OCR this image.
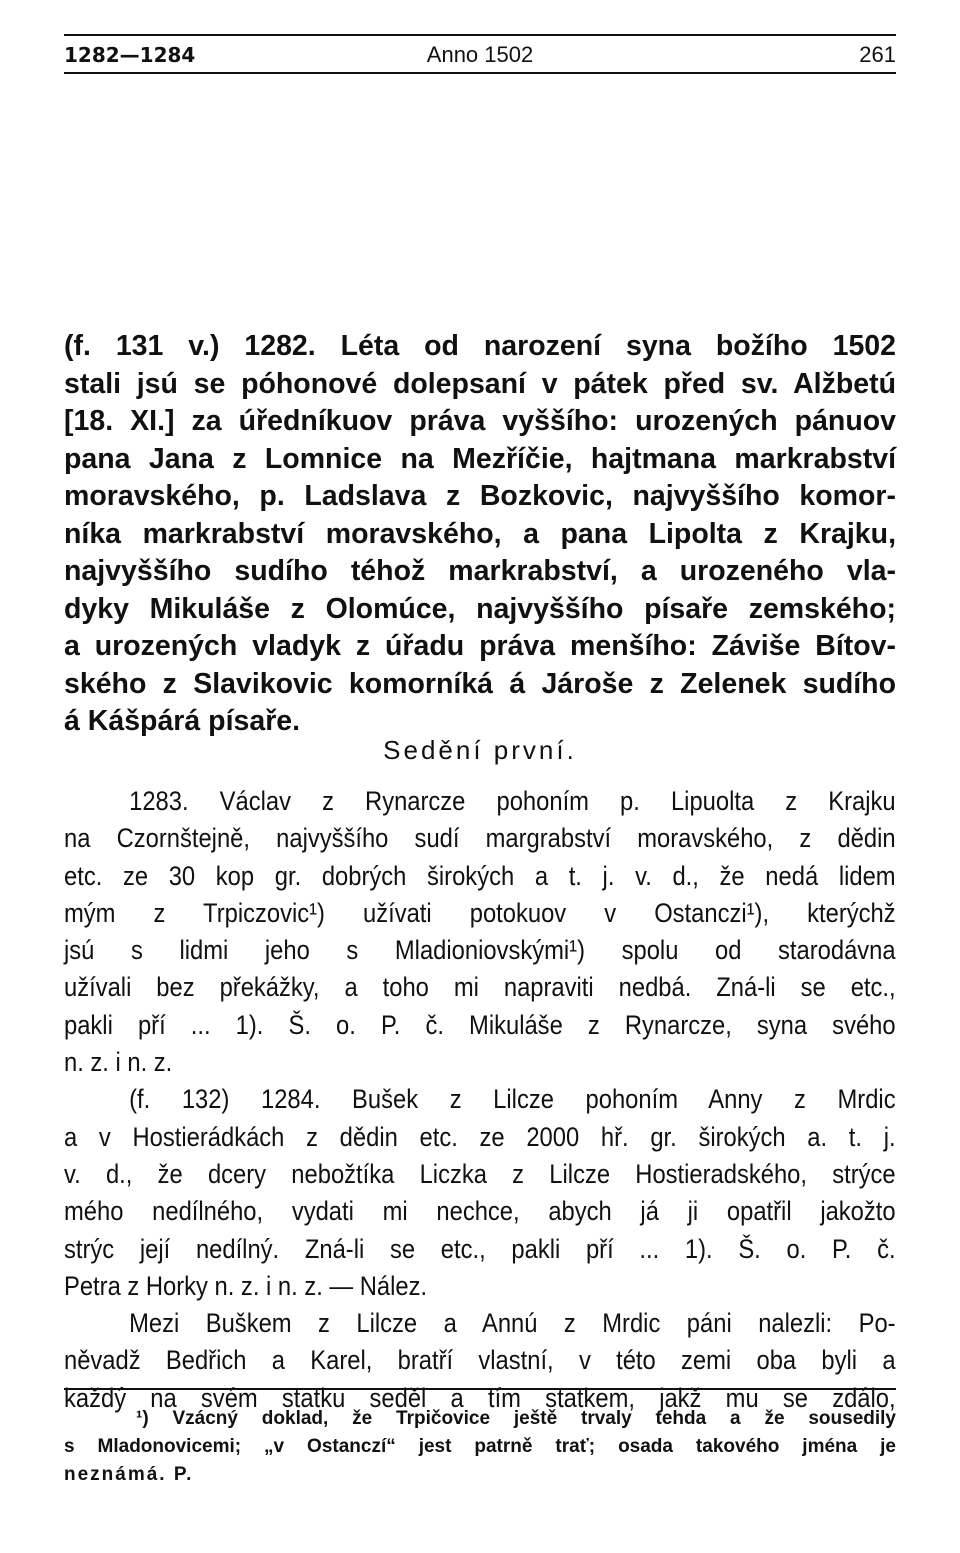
1282—1284	Anno 1502	261
(f. 131 v.) 1282. Léta od narození syna božího 1502
stali jsú se póhonové dolepsaní v pátek před sv. Alžbetú
[18. XI.] za úředníkuov práva vyššího: urozených pánuov
pana Jana z Lomnice na Mezříčie, hajtmana markrabství
moravského, p. Ladslava z Bozkovic, najvyššího komor-
níka markrabství moravského, a pana Lipolta z Krajku,
najvyššího sudího téhož markrabství, a urozeného vla-
dyky Mikuláše z Olomúce, najvyššího písaře zemského;
a urozených vladyk z úřadu práva menšího: Záviše Bítov-
ského z Slavikovic komorníká á Jároše z Zelenek sudího
á Kášpárá písaře.
Sedění první.
1283. Václav z Rynarcze pohoním p. Lipuolta z Krajku
na Czornštejně, najvyššího sudí margrabství moravského, z dědin
etc. ze 30 kop gr. dobrých širokých a t. j. v. d., že nedá lidem
mým z Trpiczovic¹) užívati potokuov v Ostanczi¹), kterýchž
jsú s lidmi jeho s Mladioniovskými¹) spolu od starodávna
užívali bez překážky, a toho mi napraviti nedbá. Zná-li se etc.,
pakli pří ... 1). Š. o. P. č. Mikuláše z Rynarcze, syna svého
n. z. i n. z.
(f. 132) 1284. Bušek z Lilcze pohoním Anny z Mrdic
a v Hostierádkách z dědin etc. ze 2000 hř. gr. širokých a. t. j.
v. d., že dcery nebožtíka Liczka z Lilcze Hostieradského, strýce
mého nedílného, vydati mi nechce, abych já ji opatřil jakožto
strýc její nedílný. Zná-li se etc., pakli pří ... 1). Š. o. P. č.
Petra z Horky n. z. i n. z. — Nález.
Mezi Buškem z Lilcze a Annú z Mrdic páni nalezli: Po-
něvadž Bedřich a Karel, bratří vlastní, v této zemi oba byli a
každý na svém statku seděl a tím statkem, jakž mu se zdálo,
¹) Vzácný doklad, že Trpičovice ještě trvaly tehda a že sousedily
s Mladonovicemi; „v Ostanczí“ jest patrně trať; osada takového jména je
neznámá. P.
